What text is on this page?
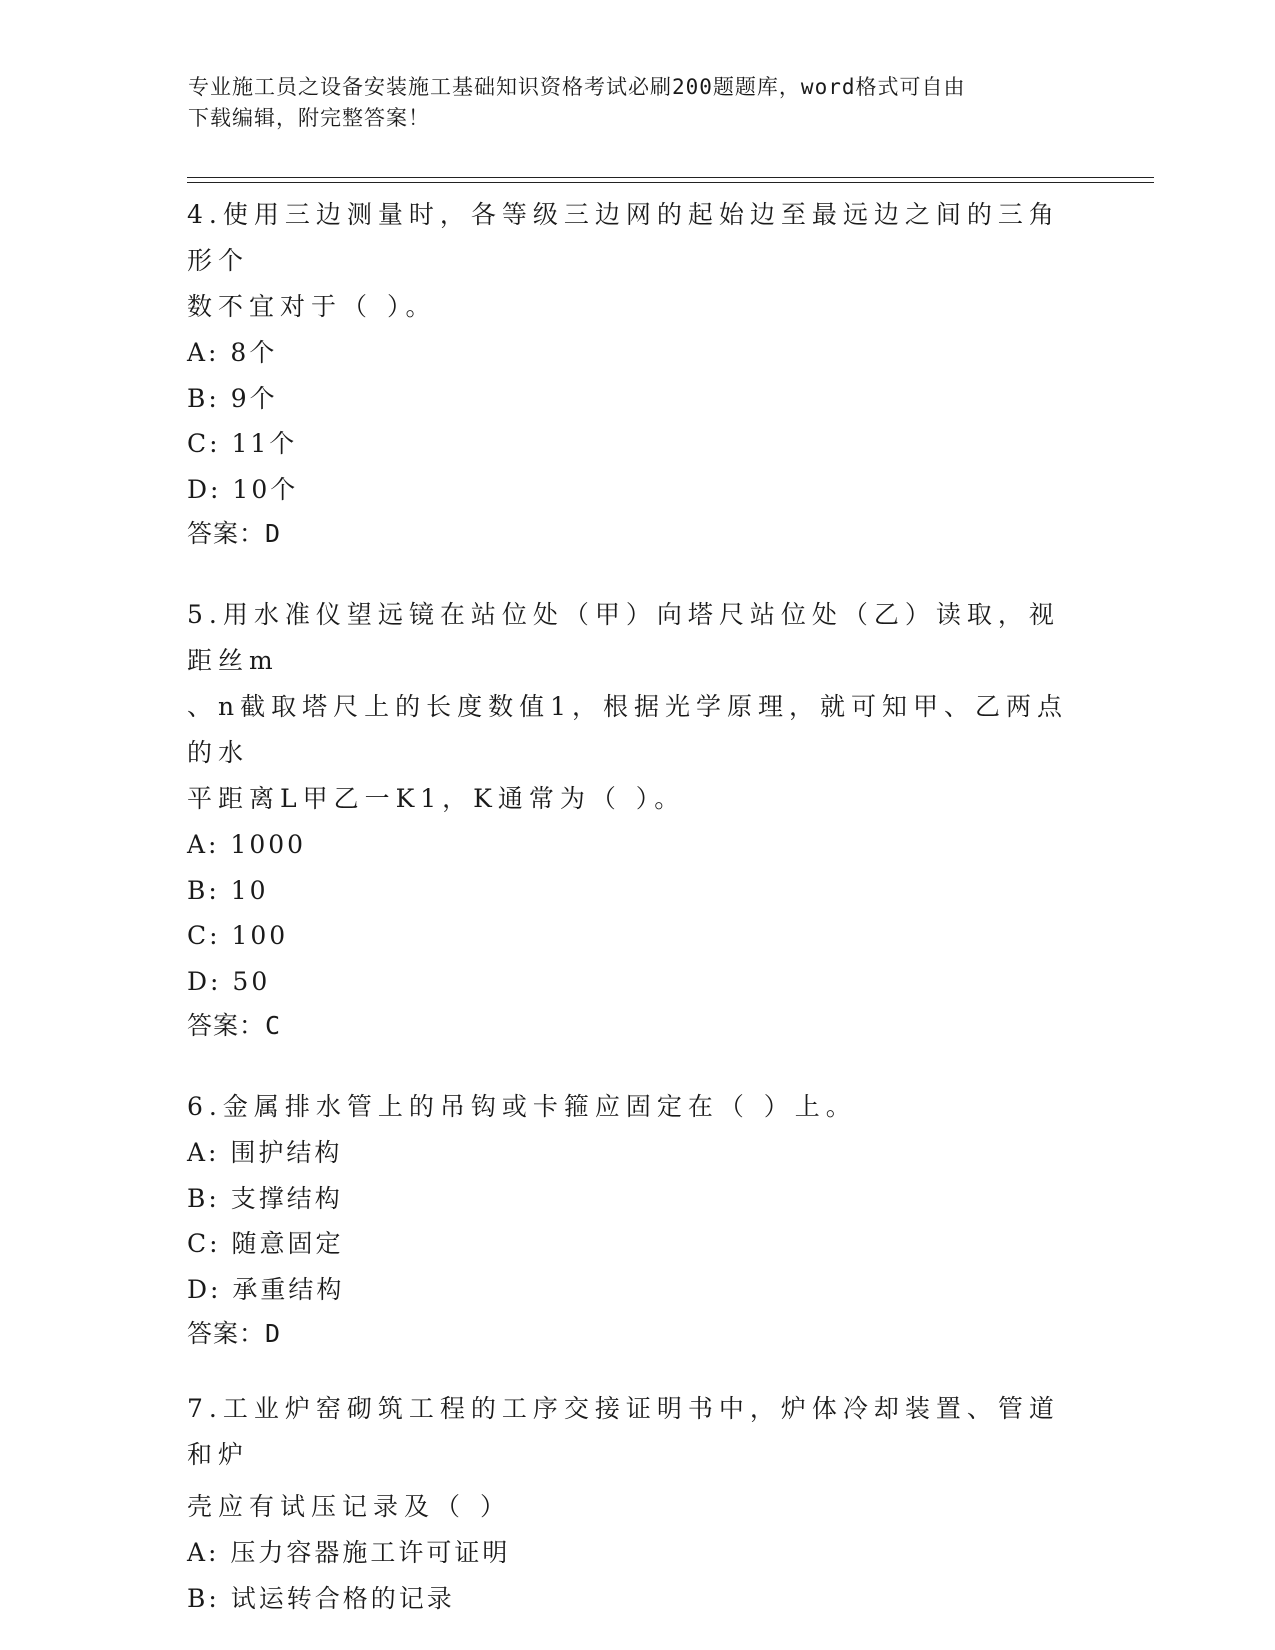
专业施工员之设备安装施工基础知识资格考试必刷200题题库，word格式可自由
下载编辑，附完整答案！

4.使用三边测量时，各等级三边网的起始边至最远边之间的三角形个

数不宜对于（ ）。

A: 8个

B: 9个

C: 11个

D: 10个

答案：D

5.用水准仪望远镜在站位处（甲）向塔尺站位处（乙）读取，视距丝m

、n截取塔尺上的长度数值1，根据光学原理，就可知甲、乙两点的水

平距离L甲乙一K1，K通常为（ ）。

A: 1000

B: 10

C: 100

D: 50

答案：C

6.金属排水管上的吊钩或卡箍应固定在（ ）上。

A: 围护结构

B: 支撑结构

C: 随意固定

D: 承重结构

答案：D

7.工业炉窑砌筑工程的工序交接证明书中，炉体冷却装置、管道和炉

壳应有试压记录及（ ）

A: 压力容器施工许可证明

B: 试运转合格的记录
